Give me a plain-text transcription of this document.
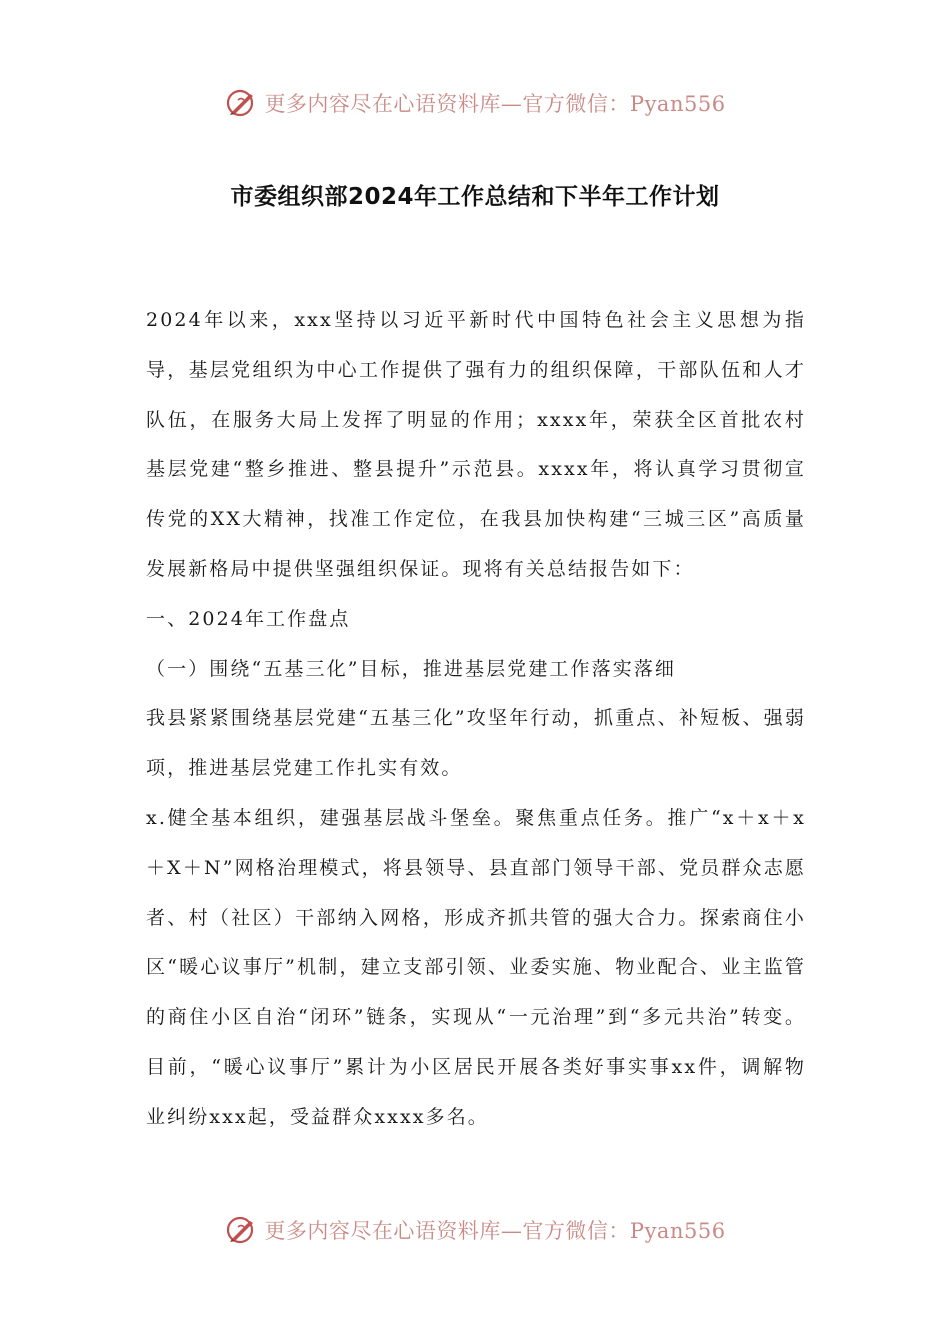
更多内容尽在心语资料库—官方微信：Pyan556
市委组织部2024年工作总结和下半年工作计划

2024年以来，xxx坚持以习近平新时代中国特色社会主义思想为指导，基层党组织为中心工作提供了强有力的组织保障，干部队伍和人才队伍，在服务大局上发挥了明显的作用；xxxx年，荣获全区首批农村基层党建“整乡推进、整县提升”示范县。xxxx年，将认真学习贯彻宣传党的XX大精神，找准工作定位，在我县加快构建“三城三区”高质量发展新格局中提供坚强组织保证。现将有关总结报告如下：

一、2024年工作盘点

（一）围绕“五基三化”目标，推进基层党建工作落实落细

我县紧紧围绕基层党建“五基三化”攻坚年行动，抓重点、补短板、强弱项，推进基层党建工作扎实有效。

x.健全基本组织，建强基层战斗堡垒。聚焦重点任务。推广“x＋x＋x＋X＋N”网格治理模式，将县领导、县直部门领导干部、党员群众志愿者、村（社区）干部纳入网格，形成齐抓共管的强大合力。探索商住小区“暖心议事厅”机制，建立支部引领、业委实施、物业配合、业主监管的商住小区自治“闭环”链条，实现从“一元治理”到“多元共治”转变。目前，“暖心议事厅”累计为小区居民开展各类好事实事xx件，调解物业纠纷xxx起，受益群众xxxx多名。

更多内容尽在心语资料库—官方微信：Pyan556
